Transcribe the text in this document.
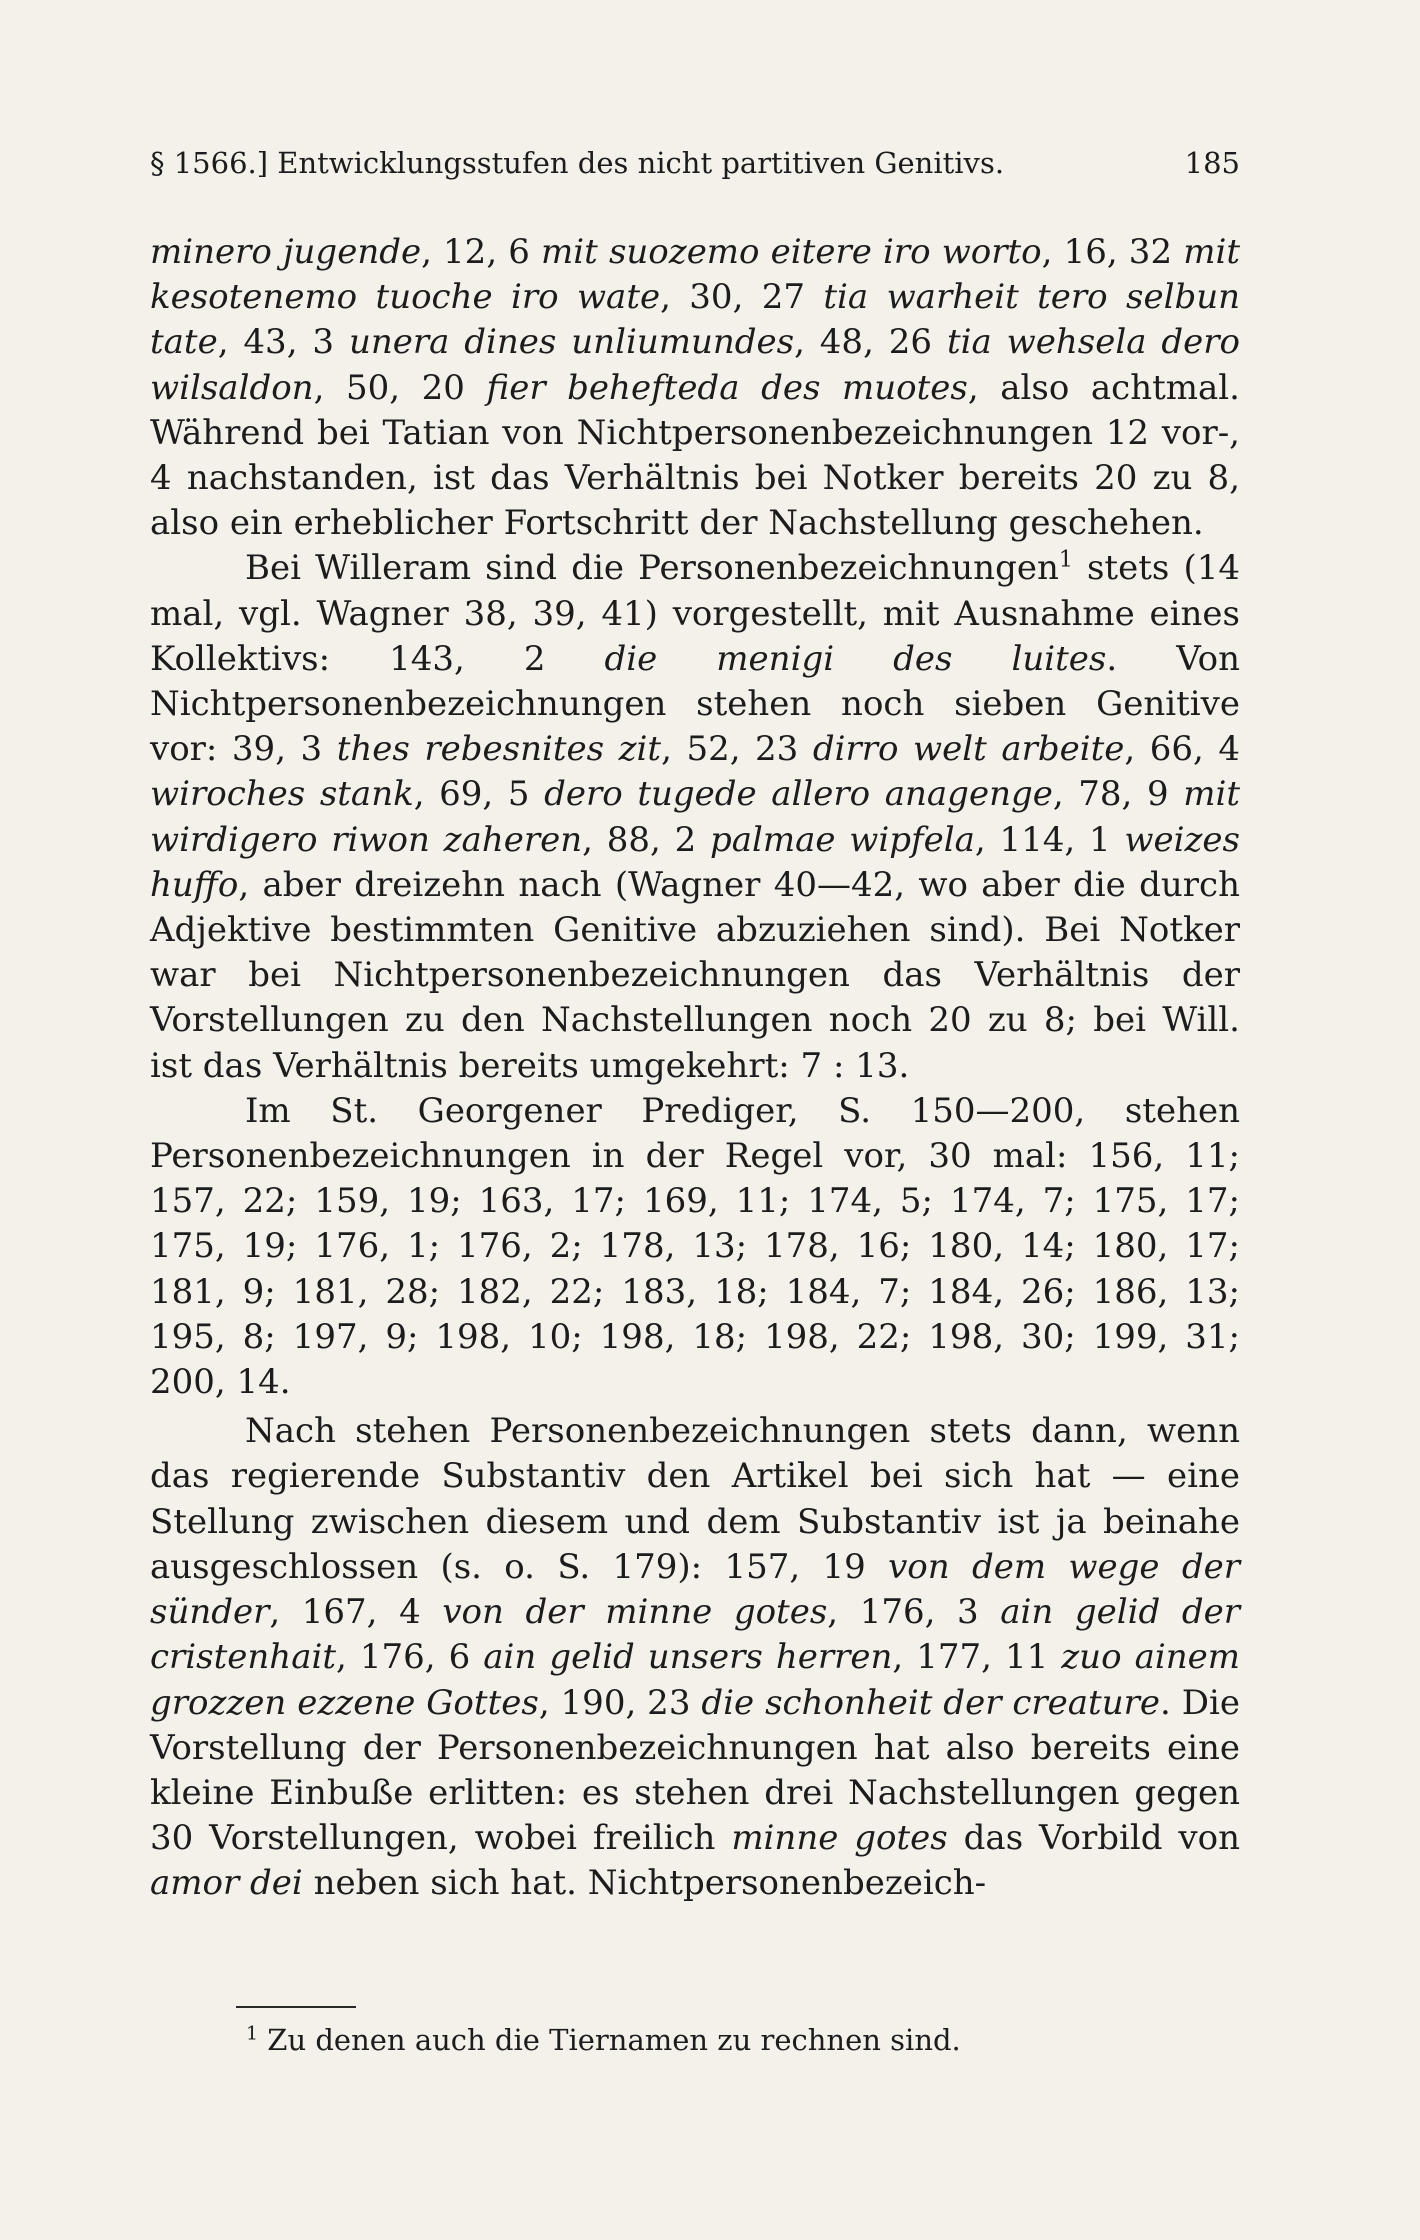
§ 1566.] Entwicklungsstufen des nicht partitiven Genitivs.	185

minero jugende, 12, 6 mit suozemo eitere iro worto, 16, 32 mit kesotenemo tuoche iro wate, 30, 27 tia warheit tero selbun tate, 43, 3 unera dines unliumundes, 48, 26 tia wehsela dero wilsaldon, 50, 20 fier behefteda des muotes, also achtmal. Während bei Tatian von Nichtpersonenbezeichnungen 12 vor-, 4 nachstanden, ist das Verhältnis bei Notker bereits 20 zu 8, also ein erheblicher Fortschritt der Nachstellung geschehen.

Bei Willeram sind die Personenbezeichnungen$^1$ stets (14 mal, vgl. Wagner 38, 39, 41) vorgestellt, mit Ausnahme eines Kollektivs: 143, 2 die menigi des luites. Von Nichtpersonenbezeichnungen stehen noch sieben Genitive vor: 39, 3 thes rebesnites zit, 52, 23 dirro welt arbeite, 66, 4 wiroches stank, 69, 5 dero tugede allero anagenge, 78, 9 mit wirdigero riwon zaheren, 88, 2 palmae wipfela, 114, 1 weizes huffo, aber dreizehn nach (Wagner 40—42, wo aber die durch Adjektive bestimmten Genitive abzuziehen sind). Bei Notker war bei Nichtpersonenbezeichnungen das Verhältnis der Vorstellungen zu den Nachstellungen noch 20 zu 8; bei Will. ist das Verhältnis bereits umgekehrt: 7 : 13.

Im St. Georgener Prediger, S. 150—200, stehen Personenbezeichnungen in der Regel vor, 30 mal: 156, 11; 157, 22; 159, 19; 163, 17; 169, 11; 174, 5; 174, 7; 175, 17; 175, 19; 176, 1; 176, 2; 178, 13; 178, 16; 180, 14; 180, 17; 181, 9; 181, 28; 182, 22; 183, 18; 184, 7; 184, 26; 186, 13; 195, 8; 197, 9; 198, 10; 198, 18; 198, 22; 198, 30; 199, 31; 200, 14.

Nach stehen Personenbezeichnungen stets dann, wenn das regierende Substantiv den Artikel bei sich hat — eine Stellung zwischen diesem und dem Substantiv ist ja beinahe ausgeschlossen (s. o. S. 179): 157, 19 von dem wege der sünder, 167, 4 von der minne gotes, 176, 3 ain gelid der cristenhait, 176, 6 ain gelid unsers herren, 177, 11 zuo ainem grozzen ezzene Gottes, 190, 23 die schonheit der creature. Die Vorstellung der Personenbezeichnungen hat also bereits eine kleine Einbuße erlitten: es stehen drei Nachstellungen gegen 30 Vorstellungen, wobei freilich minne gotes das Vorbild von amor dei neben sich hat. Nichtpersonenbezeich-

$^1$ Zu denen auch die Tiernamen zu rechnen sind.
